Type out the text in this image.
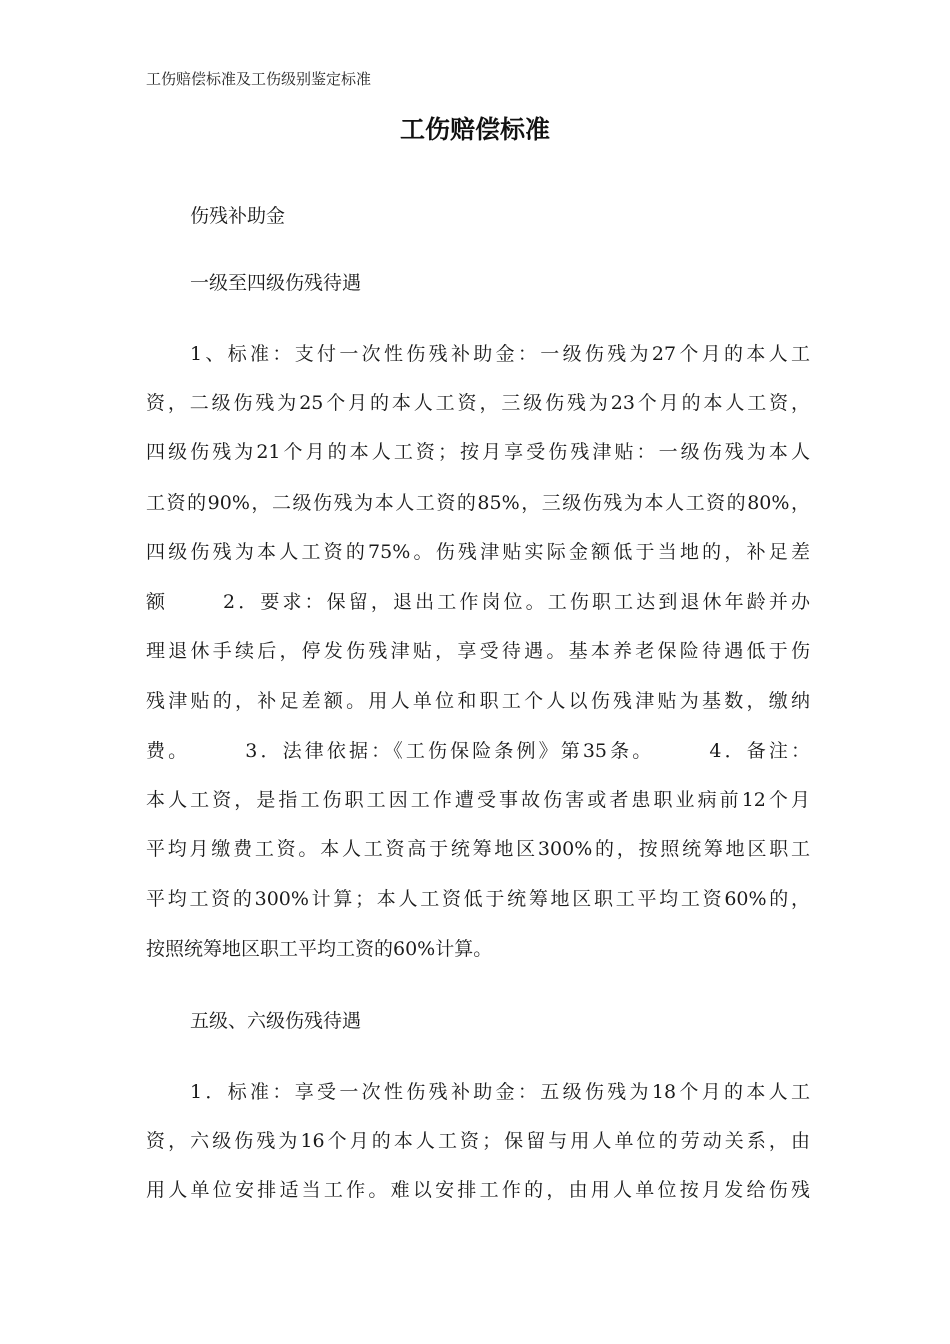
工伤赔偿标准及工伤级别鉴定标准
工伤赔偿标准
伤残补助金
一级至四级伤残待遇
1、标准：支付一次性伤残补助金：一级伤残为27个月的本人工
资，二级伤残为25个月的本人工资，三级伤残为23个月的本人工资，
四级伤残为21个月的本人工资；按月享受伤残津贴：一级伤残为本人
工资的90%，二级伤残为本人工资的85%，三级伤残为本人工资的80%，
四级伤残为本人工资的75%。伤残津贴实际金额低于当地的，补足差
额      2．要求：保留，退出工作岗位。工伤职工达到退休年龄并办
理退休手续后，停发伤残津贴，享受待遇。基本养老保险待遇低于伤
残津贴的，补足差额。用人单位和职工个人以伤残津贴为基数，缴纳
费。      3．法律依据：《工伤保险条例》第35条。      4．备注：
本人工资，是指工伤职工因工作遭受事故伤害或者患职业病前12个月
平均月缴费工资。本人工资高于统筹地区300%的，按照统筹地区职工
平均工资的300%计算；本人工资低于统筹地区职工平均工资60%的，
按照统筹地区职工平均工资的60%计算。
五级、六级伤残待遇
1．标准：享受一次性伤残补助金：五级伤残为18个月的本人工
资，六级伤残为16个月的本人工资；保留与用人单位的劳动关系，由
用人单位安排适当工作。难以安排工作的，由用人单位按月发给伤残
